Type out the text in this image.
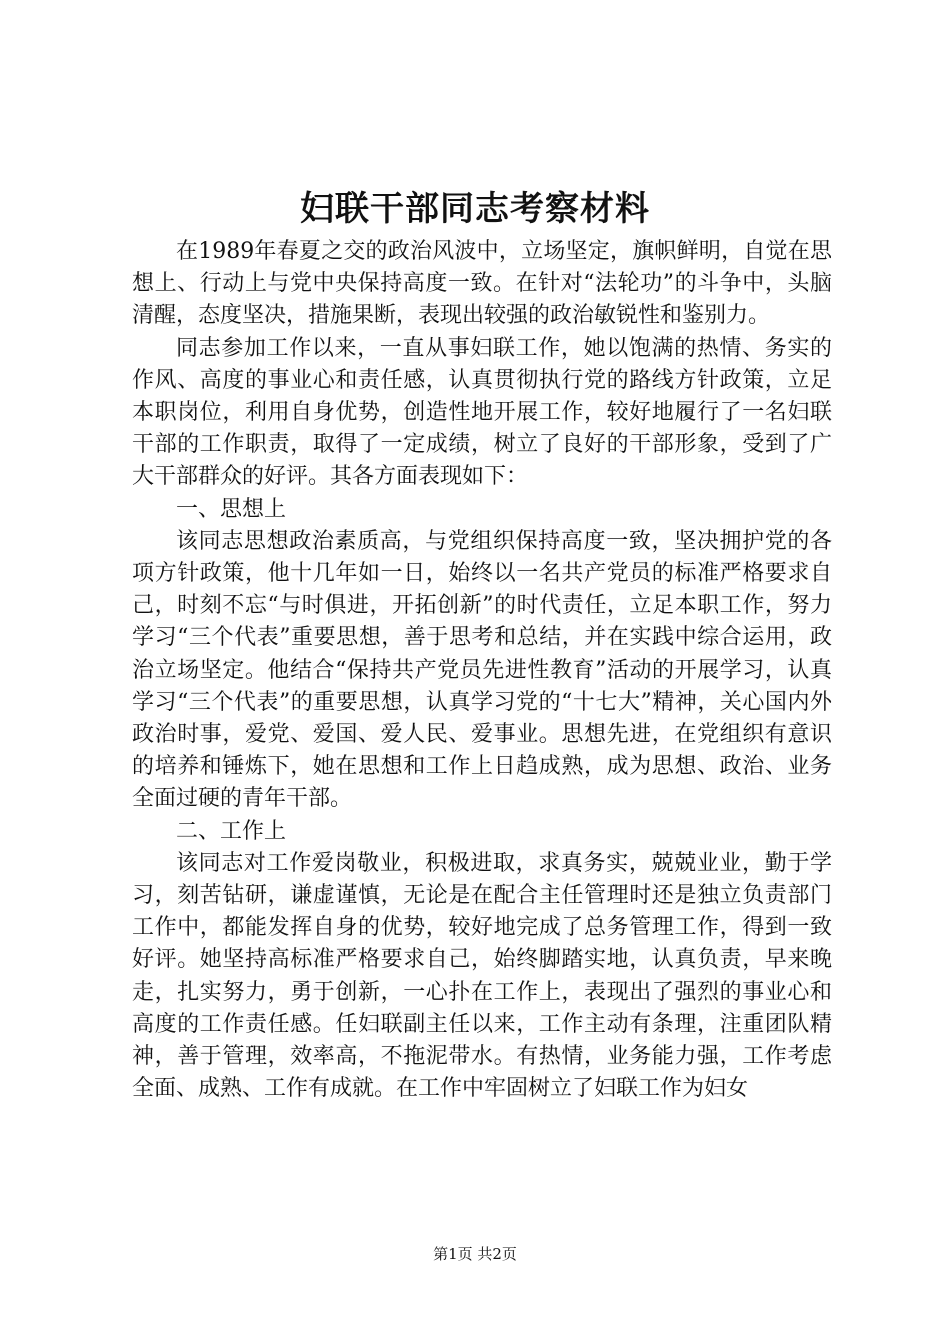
妇联干部同志考察材料

在1989年春夏之交的政治风波中，立场坚定，旗帜鲜明，自觉在思想上、行动上与党中央保持高度一致。在针对“法轮功”的斗争中，头脑清醒，态度坚决，措施果断，表现出较强的政治敏锐性和鉴别力。

同志参加工作以来，一直从事妇联工作，她以饱满的热情、务实的作风、高度的事业心和责任感，认真贯彻执行党的路线方针政策，立足本职岗位，利用自身优势，创造性地开展工作，较好地履行了一名妇联干部的工作职责，取得了一定成绩，树立了良好的干部形象，受到了广大干部群众的好评。其各方面表现如下：

一、思想上

该同志思想政治素质高，与党组织保持高度一致，坚决拥护党的各项方针政策，他十几年如一日，始终以一名共产党员的标准严格要求自己，时刻不忘“与时俱进，开拓创新”的时代责任，立足本职工作，努力学习“三个代表”重要思想，善于思考和总结，并在实践中综合运用，政治立场坚定。他结合“保持共产党员先进性教育”活动的开展学习，认真学习“三个代表”的重要思想，认真学习党的“十七大”精神，关心国内外政治时事，爱党、爱国、爱人民、爱事业。思想先进，在党组织有意识的培养和锤炼下，她在思想和工作上日趋成熟，成为思想、政治、业务全面过硬的青年干部。

二、工作上

该同志对工作爱岗敬业，积极进取，求真务实，兢兢业业，勤于学习，刻苦钻研，谦虚谨慎，无论是在配合主任管理时还是独立负责部门工作中，都能发挥自身的优势，较好地完成了总务管理工作，得到一致好评。她坚持高标准严格要求自己，始终脚踏实地，认真负责，早来晚走，扎实努力，勇于创新，一心扑在工作上，表现出了强烈的事业心和高度的工作责任感。任妇联副主任以来，工作主动有条理，注重团队精神，善于管理，效率高，不拖泥带水。有热情，业务能力强，工作考虑全面、成熟、工作有成就。在工作中牢固树立了妇联工作为妇女

第1页 共2页
